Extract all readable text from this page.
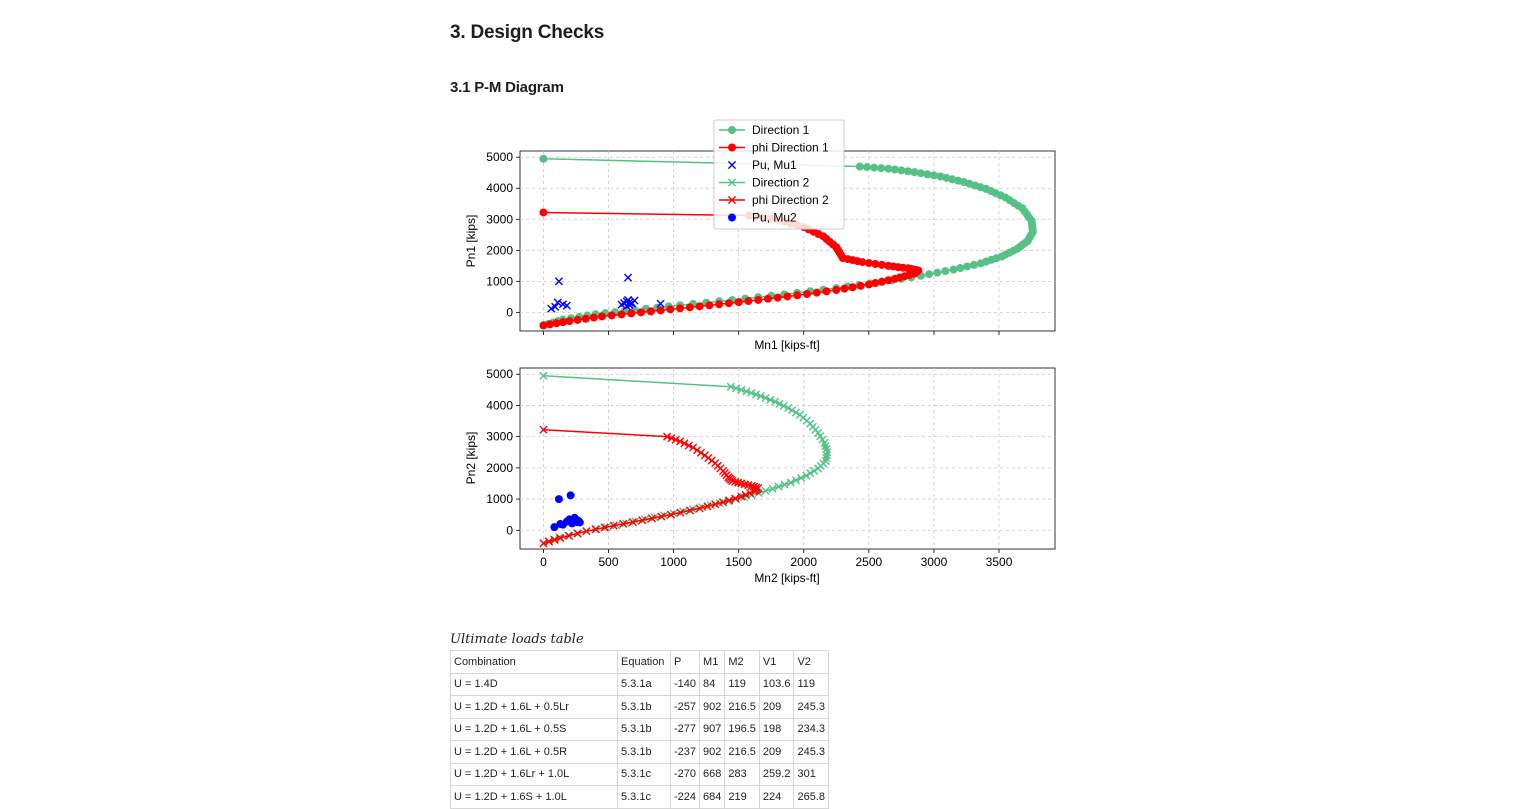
3. Design Checks
3.1 P-M Diagram
0
1000
2000
3000
4000
5000
Mn1 [kips-ft]
Pn1 [kips]
0	500	1000	1500	2000	2500	3000	3500
0
1000
2000
3000
4000
5000
Mn2 [kips-ft]
Pn2 [kips]
Direction 1
phi Direction 1
Pu, Mu1
Direction 2
phi Direction 2
Pu, Mu2
Ultimate loads table
Combination	Equation	P	M1	M2	V1	V2
U = 1.4D	5.3.1a	-140	84	119	103.6	119
U = 1.2D + 1.6L + 0.5Lr	5.3.1b	-257	902	216.5	209	245.3
U = 1.2D + 1.6L + 0.5S	5.3.1b	-277	907	196.5	198	234.3
U = 1.2D + 1.6L + 0.5R	5.3.1b	-237	902	216.5	209	245.3
U = 1.2D + 1.6Lr + 1.0L	5.3.1c	-270	668	283	259.2	301
U = 1.2D + 1.6S + 1.0L	5.3.1c	-224	684	219	224	265.8
